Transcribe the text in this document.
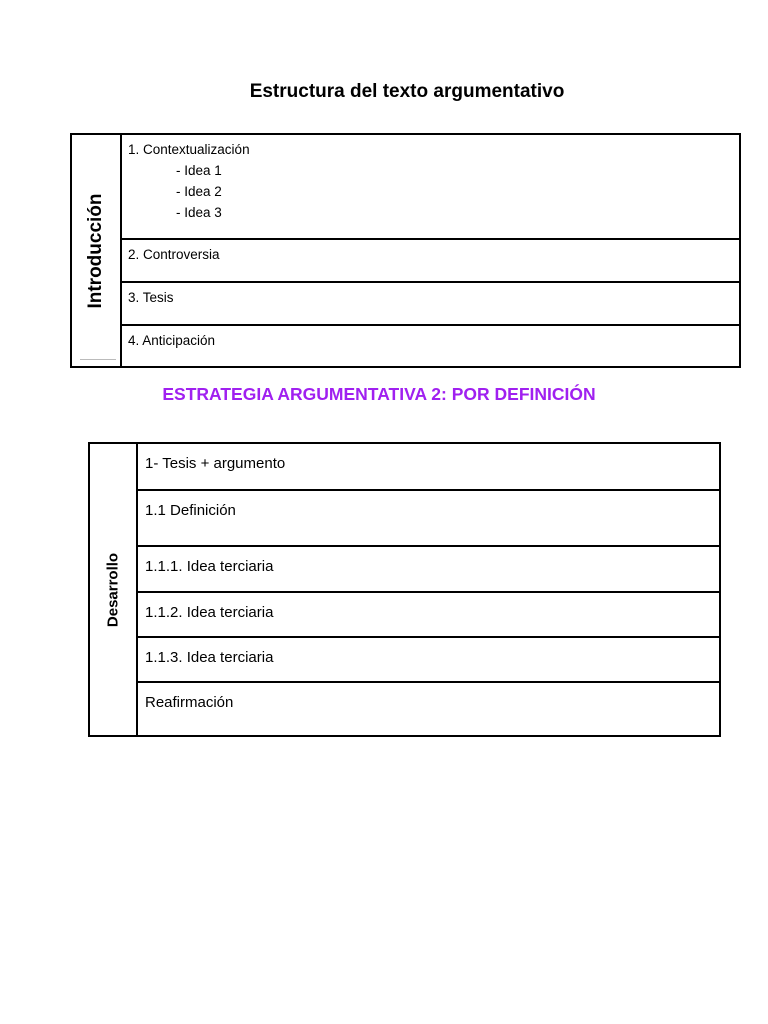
Estructura del texto argumentativo
Introducción
1. Contextualización
- Idea 1
- Idea 2
- Idea 3
2. Controversia
3. Tesis
4. Anticipación
ESTRATEGIA ARGUMENTATIVA 2: POR DEFINICIÓN
Desarrollo
1- Tesis + argumento
1.1 Definición
1.1.1. Idea terciaria
1.1.2. Idea terciaria
1.1.3. Idea terciaria
Reafirmación
